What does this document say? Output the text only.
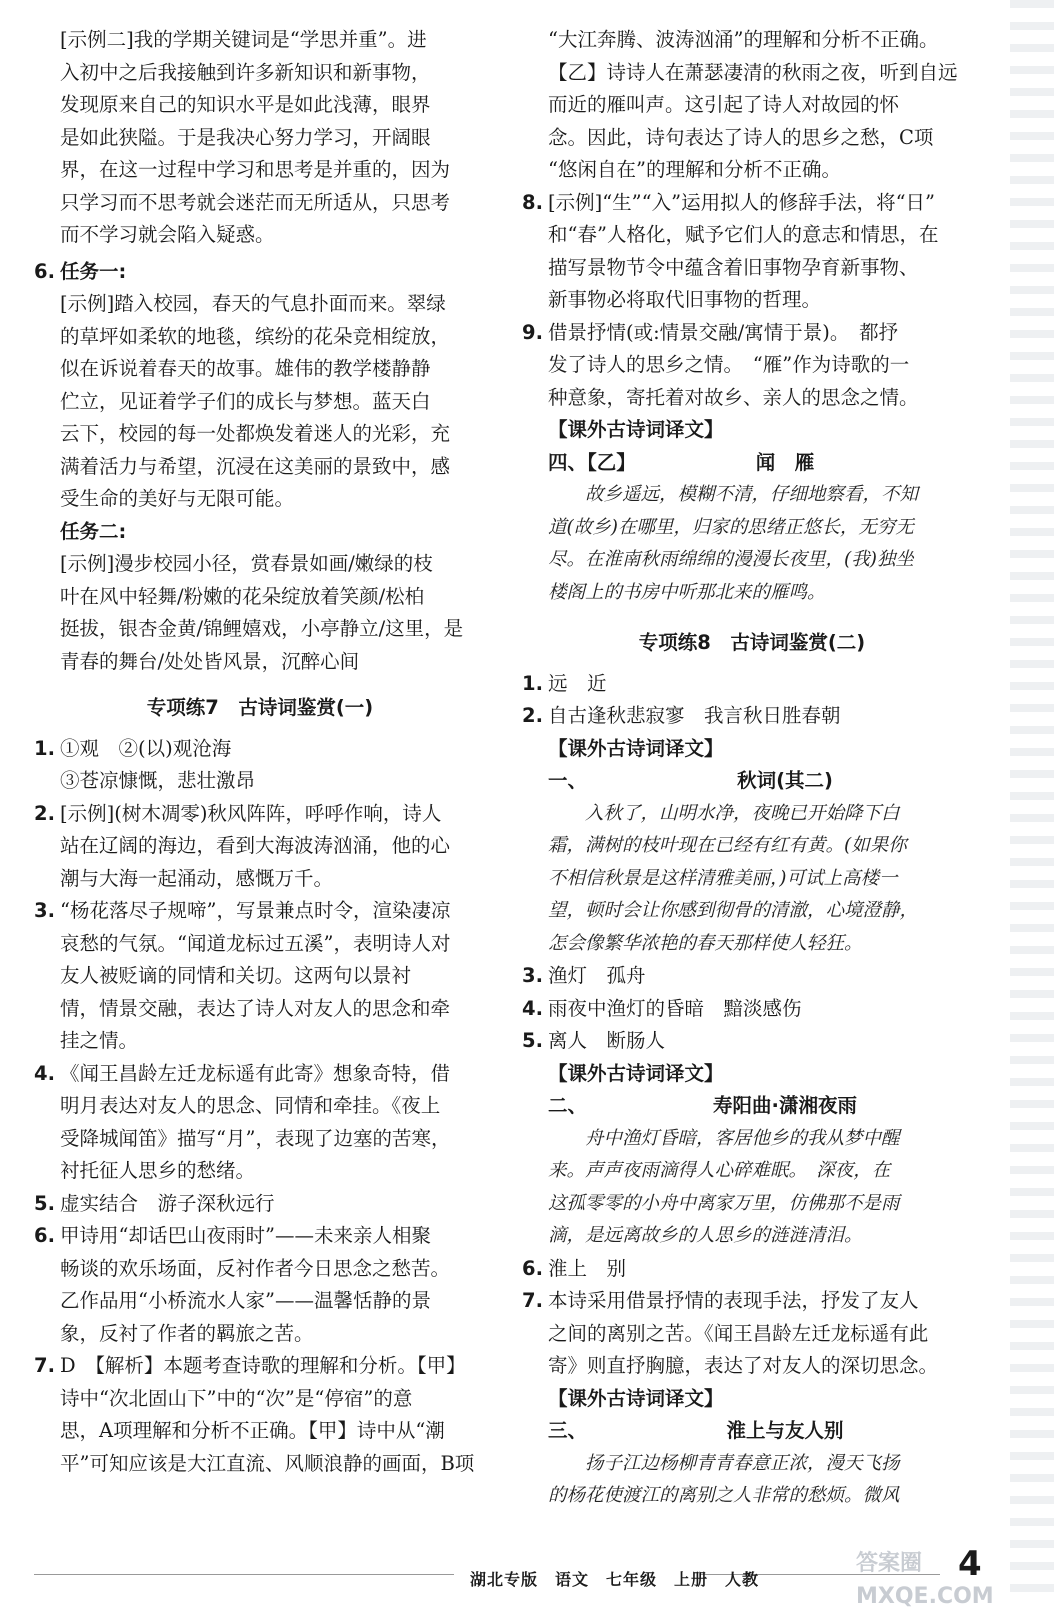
[示例二]我的学期关键词是“学思并重”。进

入初中之后我接触到许多新知识和新事物，

发现原来自己的知识水平是如此浅薄，眼界

是如此狭隘。于是我决心努力学习，开阔眼

界，在这一过程中学习和思考是并重的，因为

只学习而不思考就会迷茫而无所适从，只思考

而不学习就会陷入疑惑。

6. 任务一:

[示例]踏入校园，春天的气息扑面而来。翠绿

的草坪如柔软的地毯，缤纷的花朵竞相绽放，

似在诉说着春天的故事。雄伟的教学楼静静

伫立，见证着学子们的成长与梦想。蓝天白

云下，校园的每一处都焕发着迷人的光彩，充

满着活力与希望，沉浸在这美丽的景致中，感

受生命的美好与无限可能。

任务二:

[示例]漫步校园小径，赏春景如画/嫩绿的枝

叶在风中轻舞/粉嫩的花朵绽放着笑颜/松柏

挺拔，银杏金黄/锦鲤嬉戏，小亭静立/这里，是

青春的舞台/处处皆风景，沉醉心间

专项练7　古诗词鉴赏(一)

1. ①观　②(以)观沧海

③苍凉慷慨，悲壮激昂

2. [示例](树木凋零)秋风阵阵，呼呼作响，诗人

站在辽阔的海边，看到大海波涛汹涌，他的心

潮与大海一起涌动，感慨万千。

3. “杨花落尽子规啼”，写景兼点时令，渲染凄凉

哀愁的气氛。“闻道龙标过五溪”，表明诗人对

友人被贬谪的同情和关切。这两句以景衬

情，情景交融，表达了诗人对友人的思念和牵

挂之情。

4. 《闻王昌龄左迁龙标遥有此寄》想象奇特，借

明月表达对友人的思念、同情和牵挂。《夜上

受降城闻笛》描写“月”，表现了边塞的苦寒，

衬托征人思乡的愁绪。

5. 虚实结合　游子深秋远行

6. 甲诗用“却话巴山夜雨时”——未来亲人相聚

畅谈的欢乐场面，反衬作者今日思念之愁苦。

乙作品用“小桥流水人家”——温馨恬静的景

象，反衬了作者的羁旅之苦。

7. D　【解析】本题考查诗歌的理解和分析。【甲】

诗中“次北固山下”中的“次”是“停宿”的意

思，A项理解和分析不正确。【甲】诗中从“潮

平”可知应该是大江直流、风顺浪静的画面，B项

“大江奔腾、波涛汹涌”的理解和分析不正确。

【乙】诗诗人在萧瑟凄清的秋雨之夜，听到自远

而近的雁叫声。这引起了诗人对故园的怀

念。因此，诗句表达了诗人的思乡之愁，C项

“悠闲自在”的理解和分析不正确。

8. [示例]“生”“入”运用拟人的修辞手法，将“日”

和“春”人格化，赋予它们人的意志和情思，在

描写景物节令中蕴含着旧事物孕育新事物、

新事物必将取代旧事物的哲理。

9. 借景抒情(或:情景交融/寓情于景)。　都抒

发了诗人的思乡之情。　“雁”作为诗歌的一

种意象，寄托着对故乡、亲人的思念之情。

【课外古诗词译文】

四、【乙】	闻　雁

　　故乡遥远，模糊不清，仔细地察看，不知

道(故乡)在哪里，归家的思绪正悠长，无穷无

尽。在淮南秋雨绵绵的漫漫长夜里，(我)独坐

楼阁上的书房中听那北来的雁鸣。

专项练8　古诗词鉴赏(二)

1. 远　近

2. 自古逢秋悲寂寥　我言秋日胜春朝

【课外古诗词译文】

一、	秋词(其二)

　　入秋了，山明水净，夜晚已开始降下白

霜，满树的枝叶现在已经有红有黄。(如果你

不相信秋景是这样清雅美丽，)可试上高楼一

望，顿时会让你感到彻骨的清澈，心境澄静，

怎会像繁华浓艳的春天那样使人轻狂。

3. 渔灯　孤舟

4. 雨夜中渔灯的昏暗　黯淡感伤

5. 离人　断肠人

【课外古诗词译文】

二、	寿阳曲·潇湘夜雨

　　舟中渔灯昏暗，客居他乡的我从梦中醒

来。声声夜雨滴得人心碎难眠。　深夜，在

这孤零零的小舟中离家万里，仿佛那不是雨

滴，是远离故乡的人思乡的涟涟清泪。

6. 淮上　别

7. 本诗采用借景抒情的表现手法，抒发了友人

之间的离别之苦。《闻王昌龄左迁龙标遥有此

寄》则直抒胸臆，表达了对友人的深切思念。

【课外古诗词译文】

三、	淮上与友人别

　　扬子江边杨柳青青春意正浓，漫天飞扬

的杨花使渡江的离别之人非常的愁烦。微风

湖北专版　语文　七年级　上册　人教	4
答案圈 MXQE.COM
